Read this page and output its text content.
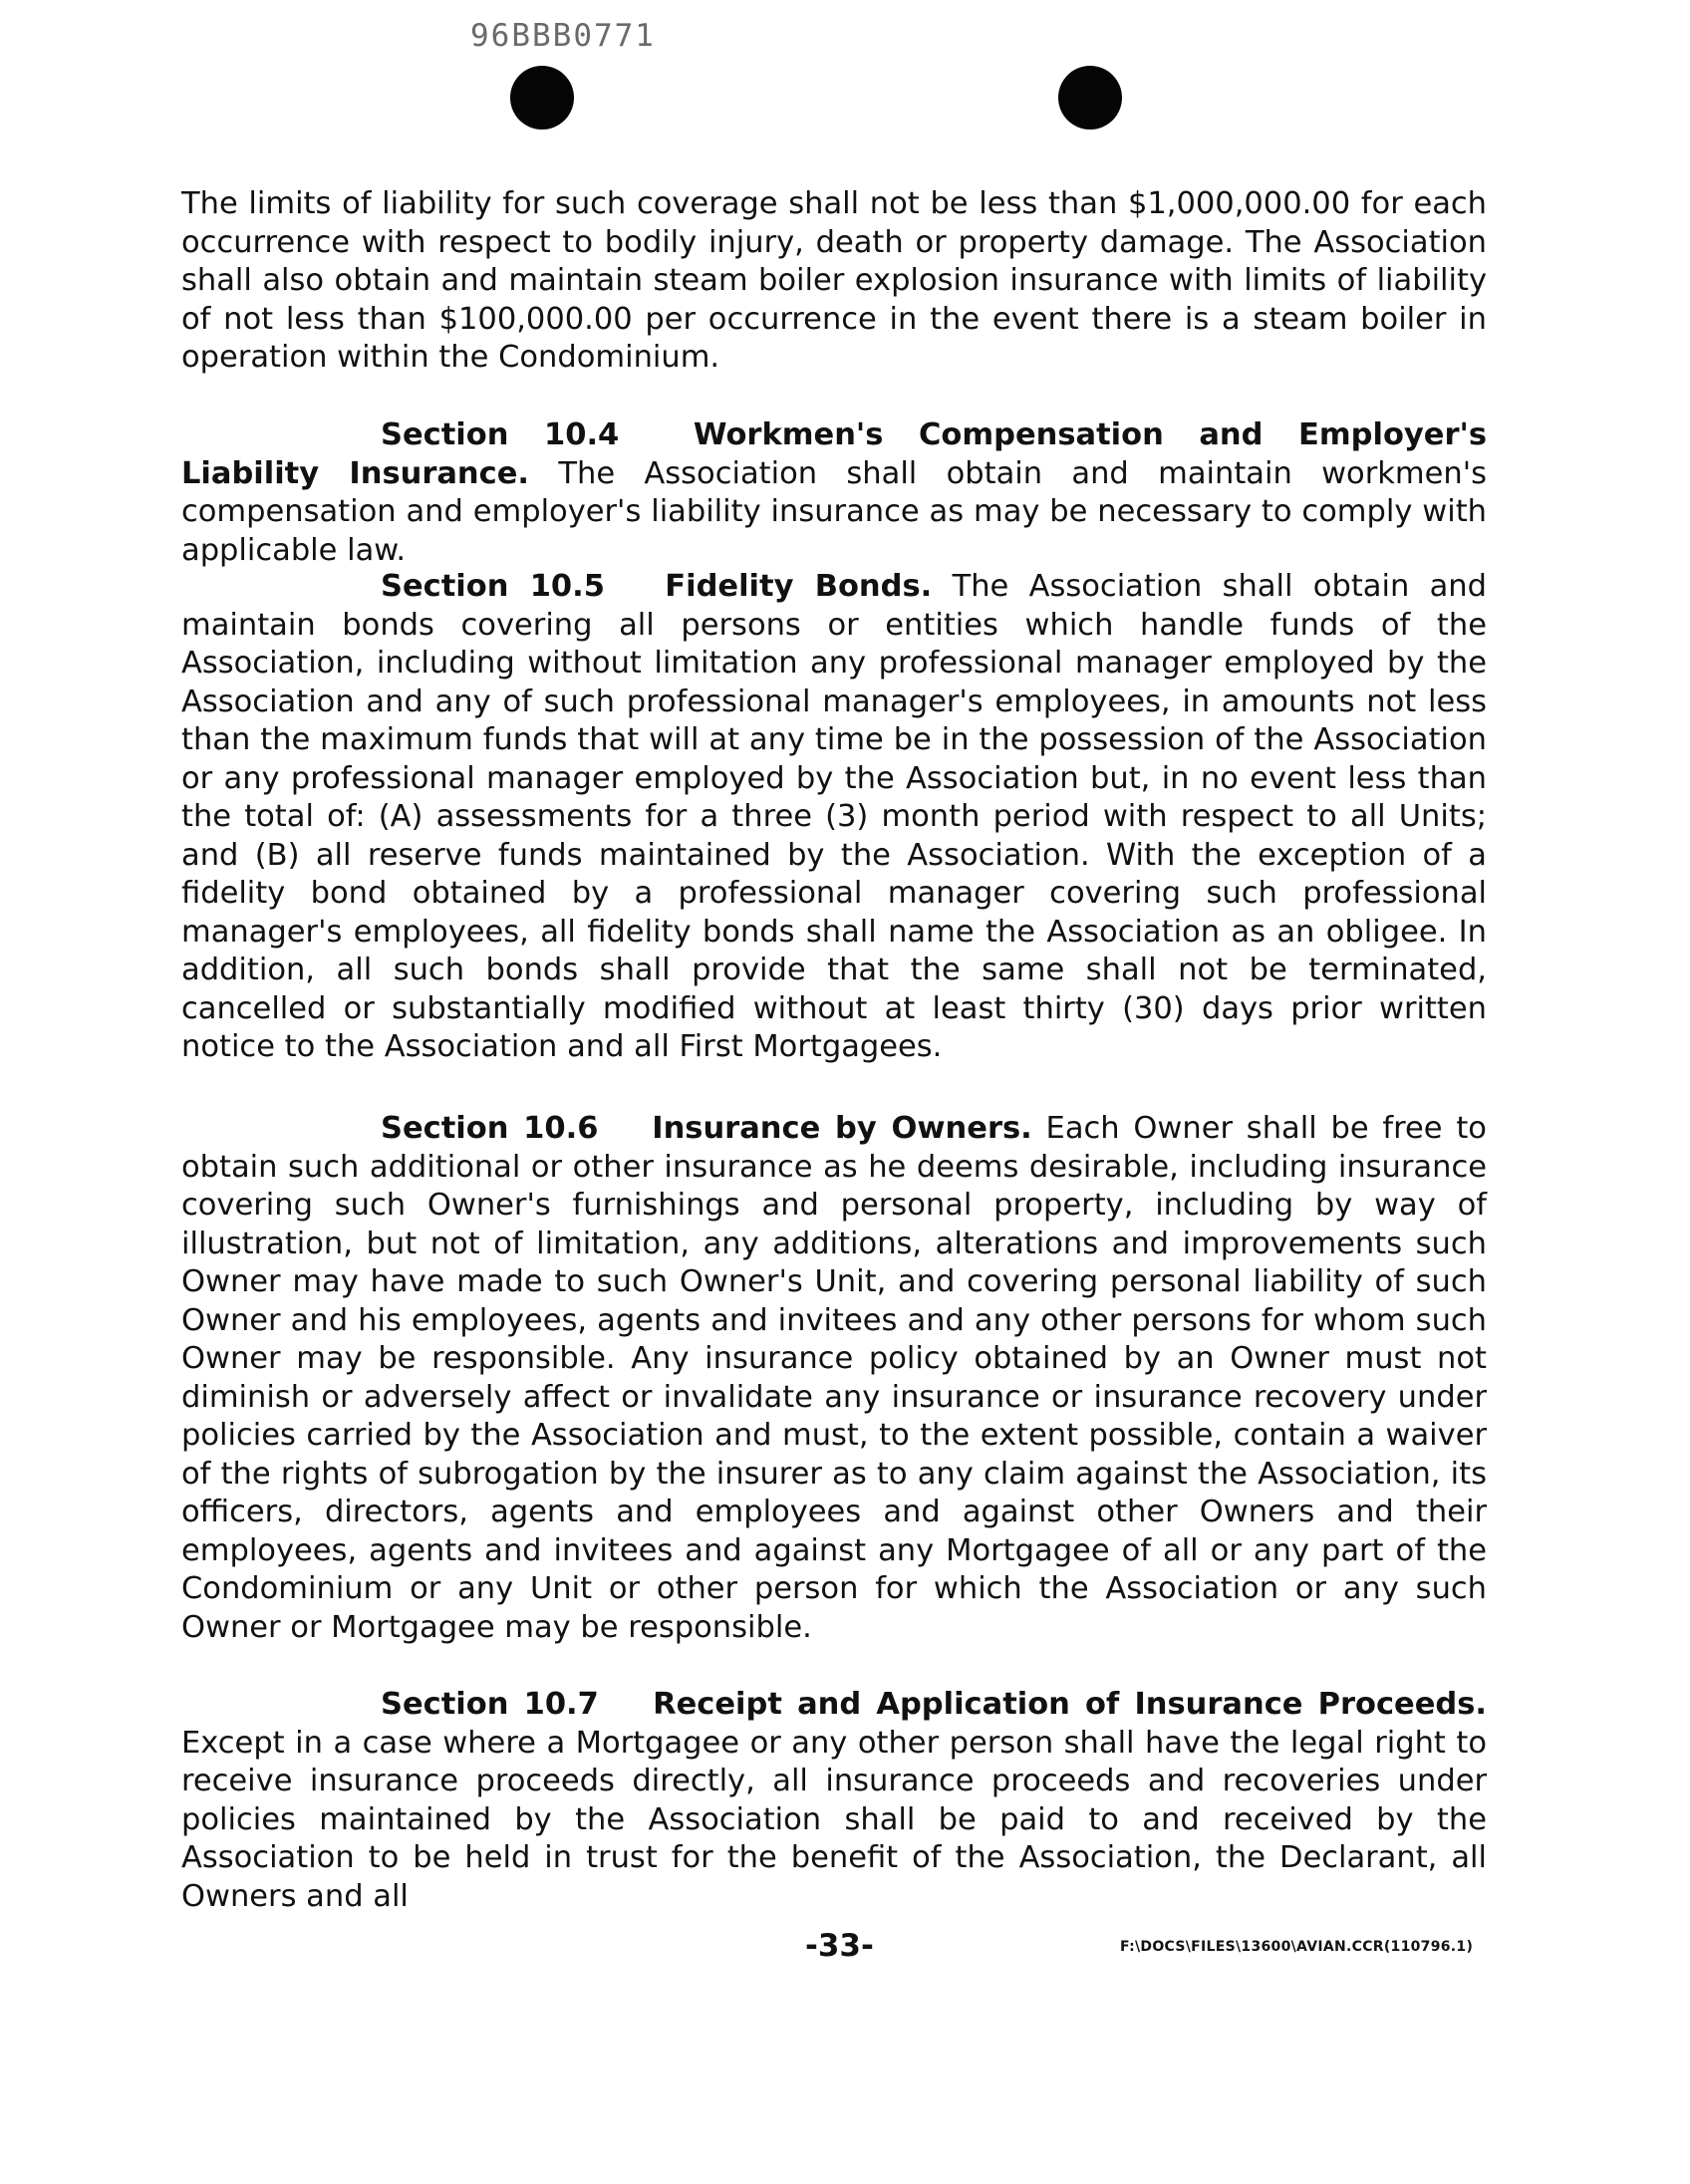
96BBB0771

The limits of liability for such coverage shall not be less than $1,000,000.00 for each occurrence with respect to bodily injury, death or property damage. The Association shall also obtain and maintain steam boiler explosion insurance with limits of liability of not less than $100,000.00 per occurrence in the event there is a steam boiler in operation within the Condominium.

Section 10.4 Workmen's Compensation and Employer's Liability Insurance. The Association shall obtain and maintain workmen's compensation and employer's liability insurance as may be necessary to comply with applicable law.

Section 10.5 Fidelity Bonds. The Association shall obtain and maintain bonds covering all persons or entities which handle funds of the Association, including without limitation any professional manager employed by the Association and any of such professional manager's employees, in amounts not less than the maximum funds that will at any time be in the possession of the Association or any professional manager employed by the Association but, in no event less than the total of: (A) assessments for a three (3) month period with respect to all Units; and (B) all reserve funds maintained by the Association. With the exception of a fidelity bond obtained by a professional manager covering such professional manager's employees, all fidelity bonds shall name the Association as an obligee. In addition, all such bonds shall provide that the same shall not be terminated, cancelled or substantially modified without at least thirty (30) days prior written notice to the Association and all First Mortgagees.

Section 10.6 Insurance by Owners. Each Owner shall be free to obtain such additional or other insurance as he deems desirable, including insurance covering such Owner's furnishings and personal property, including by way of illustration, but not of limitation, any additions, alterations and improvements such Owner may have made to such Owner's Unit, and covering personal liability of such Owner and his employees, agents and invitees and any other persons for whom such Owner may be responsible. Any insurance policy obtained by an Owner must not diminish or adversely affect or invalidate any insurance or insurance recovery under policies carried by the Association and must, to the extent possible, contain a waiver of the rights of subrogation by the insurer as to any claim against the Association, its officers, directors, agents and employees and against other Owners and their employees, agents and invitees and against any Mortgagee of all or any part of the Condominium or any Unit or other person for which the Association or any such Owner or Mortgagee may be responsible.

Section 10.7 Receipt and Application of Insurance Proceeds. Except in a case where a Mortgagee or any other person shall have the legal right to receive insurance proceeds directly, all insurance proceeds and recoveries under policies maintained by the Association shall be paid to and received by the Association to be held in trust for the benefit of the Association, the Declarant, all Owners and all

-33-	F:\DOCS\FILES\13600\AVIAN.CCR(110796.1)
